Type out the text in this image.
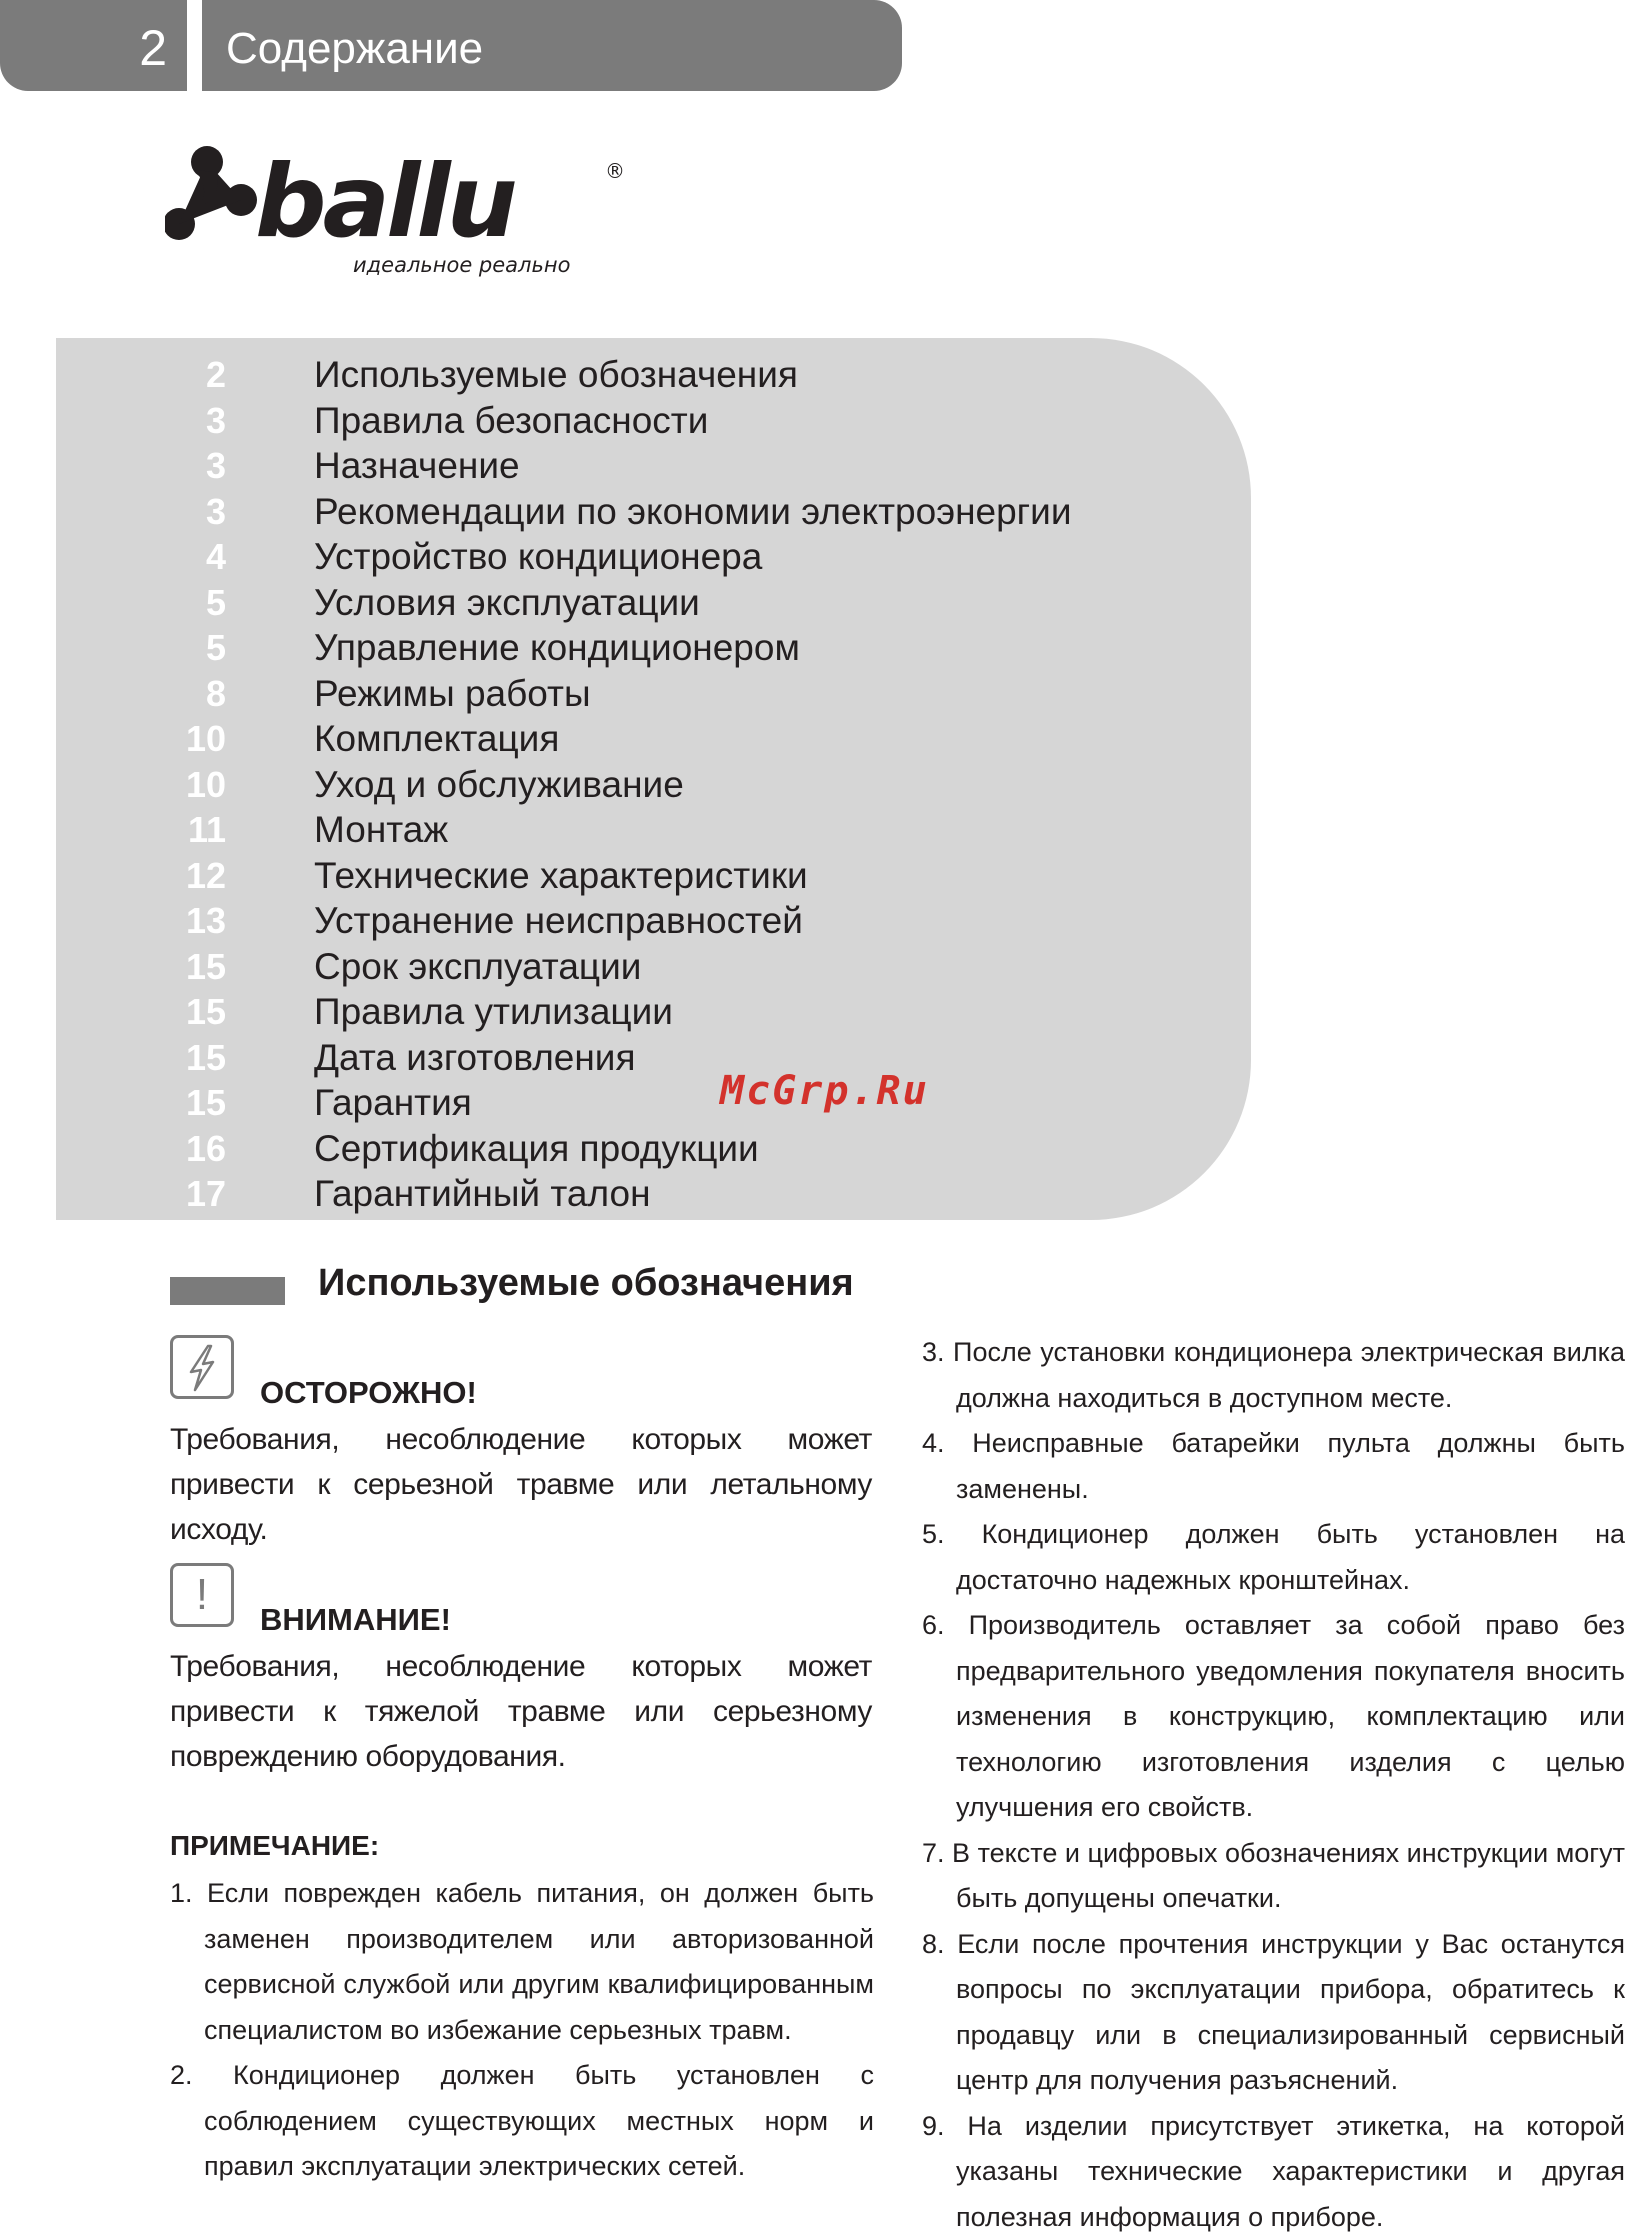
2	Содержание
ballu	®
идеальное реально
2 Используемые обозначения
3 Правила безопасности
3 Назначение
3 Рекомендации по экономии электроэнергии
4 Устройство кондиционера
5 Условия эксплуатации
5 Управление кондиционером
8 Режимы работы
10 Комплектация
10 Уход и обслуживание
11 Монтаж
12 Технические характеристики
13 Устранение неисправностей
15 Срок эксплуатации
15 Правила утилизации
15 Дата изготовления
15 Гарантия
16 Сертификация продукции
17 Гарантийный талон
McGrp.Ru
Используемые обозначения
ОСТОРОЖНО!
Требования, несоблюдение которых может привести к серьезной травме или летальному исходу.
!
ВНИМАНИЕ!
Требования, несоблюдение которых может привести к тяжелой травме или серьезному повреждению оборудования.
ПРИМЕЧАНИЕ:
1. Если поврежден кабель питания, он должен быть заменен производителем или авторизованной сервисной службой или другим квалифицированным специалистом во избежание серьезных травм.
2. Кондиционер должен быть установлен с соблюдением существующих местных норм и правил эксплуатации электрических сетей.
3. После установки кондиционера электрическая вилка должна находиться в доступном месте.
4. Неисправные батарейки пульта должны быть заменены.
5. Кондиционер должен быть установлен на достаточно надежных кронштейнах.
6. Производитель оставляет за собой право без предварительного уведомления покупателя вносить изменения в конструкцию, комплектацию или технологию изготовления изделия с целью улучшения его свойств.
7. В тексте и цифровых обозначениях инструкции могут быть допущены опечатки.
8. Если после прочтения инструкции у Вас останутся вопросы по эксплуатации прибора, обратитесь к продавцу или в специализированный сервисный центр для получения разъяснений.
9. На изделии присутствует этикетка, на которой указаны технические характеристики и другая полезная информация о приборе.
